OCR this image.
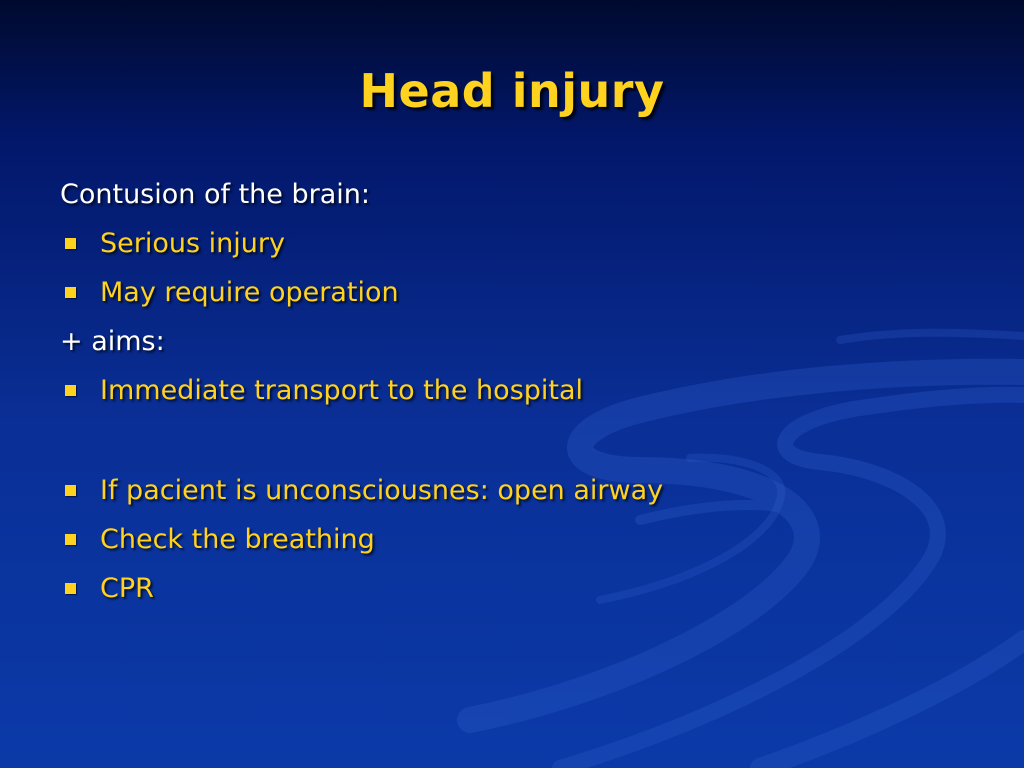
Head injury
Contusion of the brain:
Serious injury
May require operation
+ aims:
Immediate transport to the hospital
If pacient is unconsciousnes: open airway
Check the breathing
CPR
